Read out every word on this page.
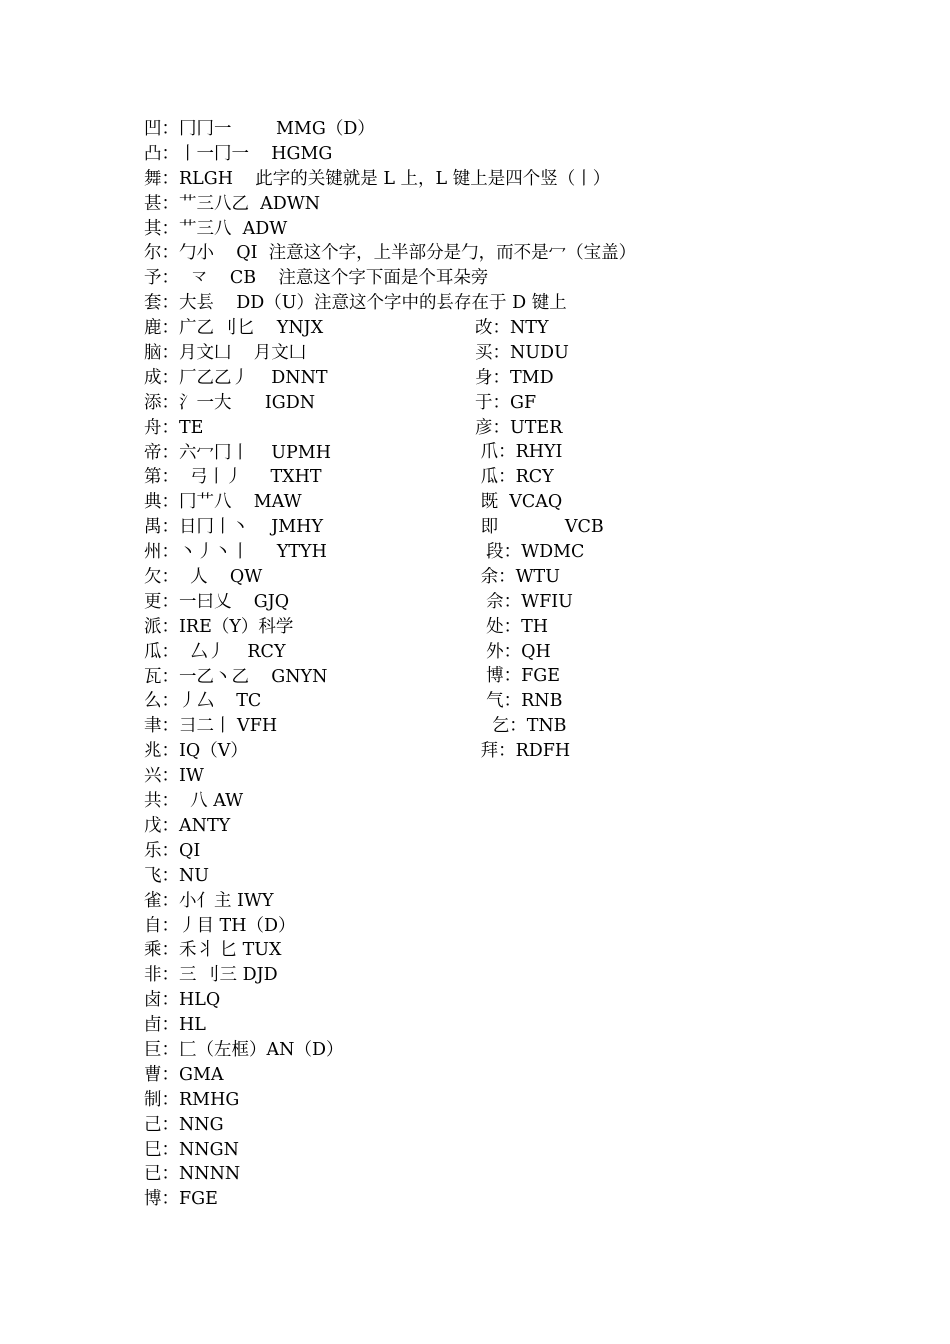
凹：冂冂一        MMG（D）
凸：丨一冂一    HGMG
舞：RLGH    此字的关键就是 L 上，L 键上是四个竖（丨）
甚：艹三八乙  ADWN
其：艹三八  ADW
尔：勹小    QI  注意这个字，上半部分是勹，而不是冖（宝盖）
予：  龴    CB    注意这个字下面是个耳朵旁
套：大镸    DD（U）注意这个字中的镸存在于 D 键上
鹿：广乙 刂匕    YNJX
脑：月文凵    月文凵
成：厂乙乙丿    DNNT
添：氵一大      IGDN
舟：TE
帝：六冖冂丨    UPMH
第：  弓丨丿     TXHT
典：冂艹八    MAW
禺：日冂丨丶    JMHY
州：丶丿丶丨     YTYH
欠：  人    QW
更：一曰乂    GJQ
派：IRE（Y）科学
瓜：  厶丿    RCY
瓦：一乙丶乙    GNYN
么：丿厶    TC
聿：彐二丨 VFH
兆：IQ（V）
兴：IW
共：  八 AW
戊：ANTY
乐：QI
飞：NU
雀：小亻主 IWY
自：丿目 TH（D）
乘：禾丬 匕 TUX
非：三 刂三 DJD
卤：HLQ
卣：HL
巨：匚（左框）AN（D）
曹：GMA
制：RMHG
己：NNG
巳：NNGN
已：NNNN
博：FGE
改：NTY
买：NUDU
身：TMD
于：GF
彦：UTER
爪：RHYI
瓜：RCY
既  VCAQ
即            VCB
段：WDMC
余：WTU
佘：WFIU
处：TH
外：QH
博：FGE
气：RNB
乞：TNB
拜：RDFH
